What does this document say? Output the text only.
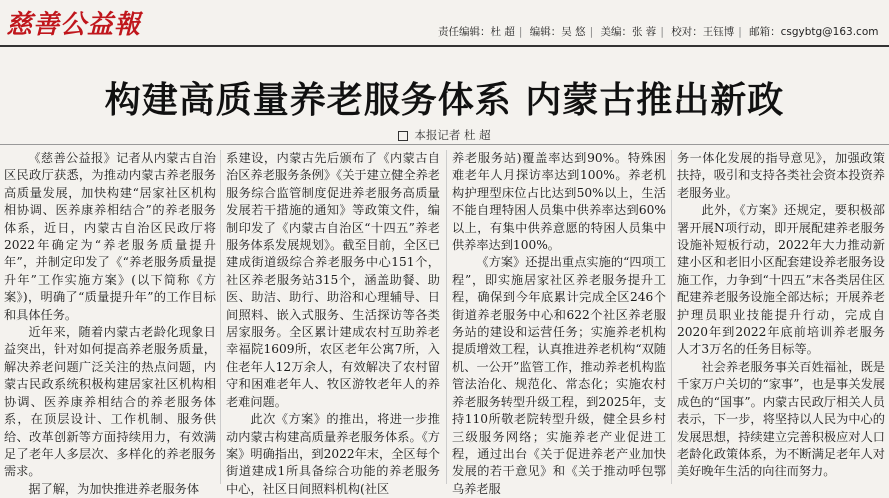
慈善公益報	责任编辑：杜 超 | 编辑：吴 悠 | 美编：张 蓉 | 校对：王钰博 | 邮箱：csgybtg@163.com
构建高质量养老服务体系 内蒙古推出新政
本报记者 杜 超

《慈善公益报》记者从内蒙古自治区民政厅获悉，为推动内蒙古养老服务高质量发展，加快构建“居家社区机构相协调、医养康养相结合”的养老服务体系，近日，内蒙古自治区民政厅将2022年确定为“养老服务质量提升年”，并制定印发了《“养老服务质量提升年”工作实施方案》(以下简称《方案》)，明确了“质量提升年”的工作目标和具体任务。

近年来，随着内蒙古老龄化现象日益突出，针对如何提高养老服务质量，解决养老问题广泛关注的热点问题，内蒙古民政系统积极构建居家社区机构相协调、医养康养相结合的养老服务体系，在顶层设计、工作机制、服务供给、改革创新等方面持续用力，有效满足了老年人多层次、多样化的养老服务需求。

据了解，为加快推进养老服务体

系建设，内蒙古先后颁布了《内蒙古自治区养老服务条例》《关于建立健全养老服务综合监管制度促进养老服务高质量发展若干措施的通知》等政策文件，编制印发了《内蒙古自治区“十四五”养老服务体系发展规划》。截至目前，全区已建成街道级综合养老服务中心151个，社区养老服务站315个，涵盖助餐、助医、助洁、助行、助浴和心理辅导、日间照料、嵌入式服务、生活探访等各类居家服务。全区累计建成农村互助养老幸福院1609所，农区老年公寓7所，入住老年人12万余人，有效解决了农村留守和困难老年人、牧区游牧老年人的养老难问题。

此次《方案》的推出，将进一步推动内蒙古构建高质量养老服务体系。《方案》明确指出，到2022年末，全区每个街道建成1所具备综合功能的养老服务中心，社区日间照料机构(社区

养老服务站)覆盖率达到90%。特殊困难老年人月探访率达到100%。养老机构护理型床位占比达到50%以上，生活不能自理特困人员集中供养率达到60%以上，有集中供养意愿的特困人员集中供养率达到100%。

《方案》还提出重点实施的“四项工程”，即实施居家社区养老服务提升工程，确保到今年底累计完成全区246个街道养老服务中心和622个社区养老服务站的建设和运营任务；实施养老机构提质增效工程，认真推进养老机构“双随机、一公开”监管工作，推动养老机构监管法治化、规范化、常态化；实施农村养老服务转型升级工程，到2025年，支持110所敬老院转型升级，健全县乡村三级服务网络；实施养老产业促进工程，通过出台《关于促进养老产业加快发展的若干意见》和《关于推动呼包鄂乌养老服

务一体化发展的指导意见》，加强政策扶持，吸引和支持各类社会资本投资养老服务业。

此外，《方案》还规定，要积极部署开展N项行动，即开展配建养老服务设施补短板行动，2022年大力推动新建小区和老旧小区配套建设养老服务设施工作，力争到“十四五”末各类居住区配建养老服务设施全部达标；开展养老护理员职业技能提升行动，完成自2020年到2022年底前培训养老服务人才3万名的任务目标等。

社会养老服务事关百姓福祉，既是千家万户关切的“家事”，也是事关发展成色的“国事”。内蒙古民政厅相关人员表示，下一步，将坚持以人民为中心的发展思想，持续建立完善积极应对人口老龄化政策体系，为不断满足老年人对美好晚年生活的向往而努力。
